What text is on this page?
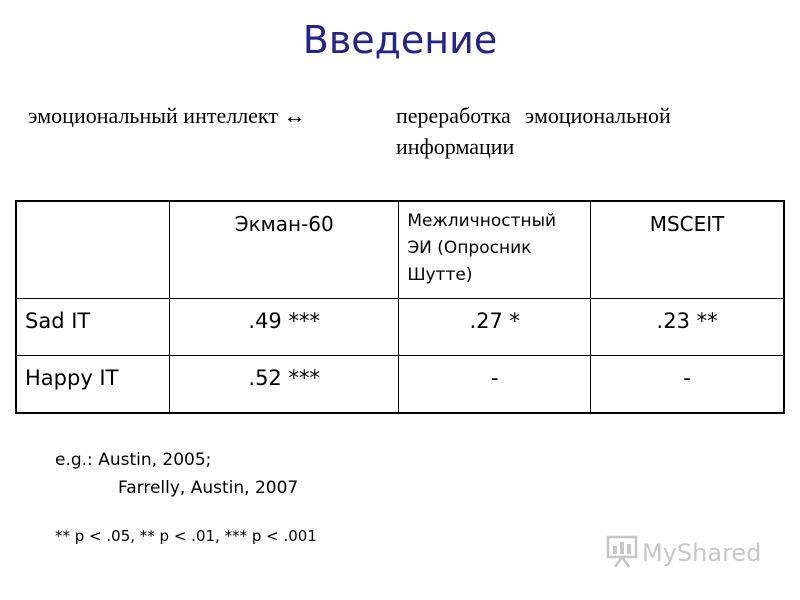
Введение
эмоциональный интеллект ↔	переработка эмоциональной
информации

	Экман-60	Межличностный ЭИ (Опросник Шутте)	MSCEIT

Sad IT	.49 ***	.27 *	.23 **

Happy IT	.52 ***	-	-
e.g.: Austin, 2005;
Farrelly, Austin, 2007
** p < .05, ** p < .01, *** p < .001
MyShared
